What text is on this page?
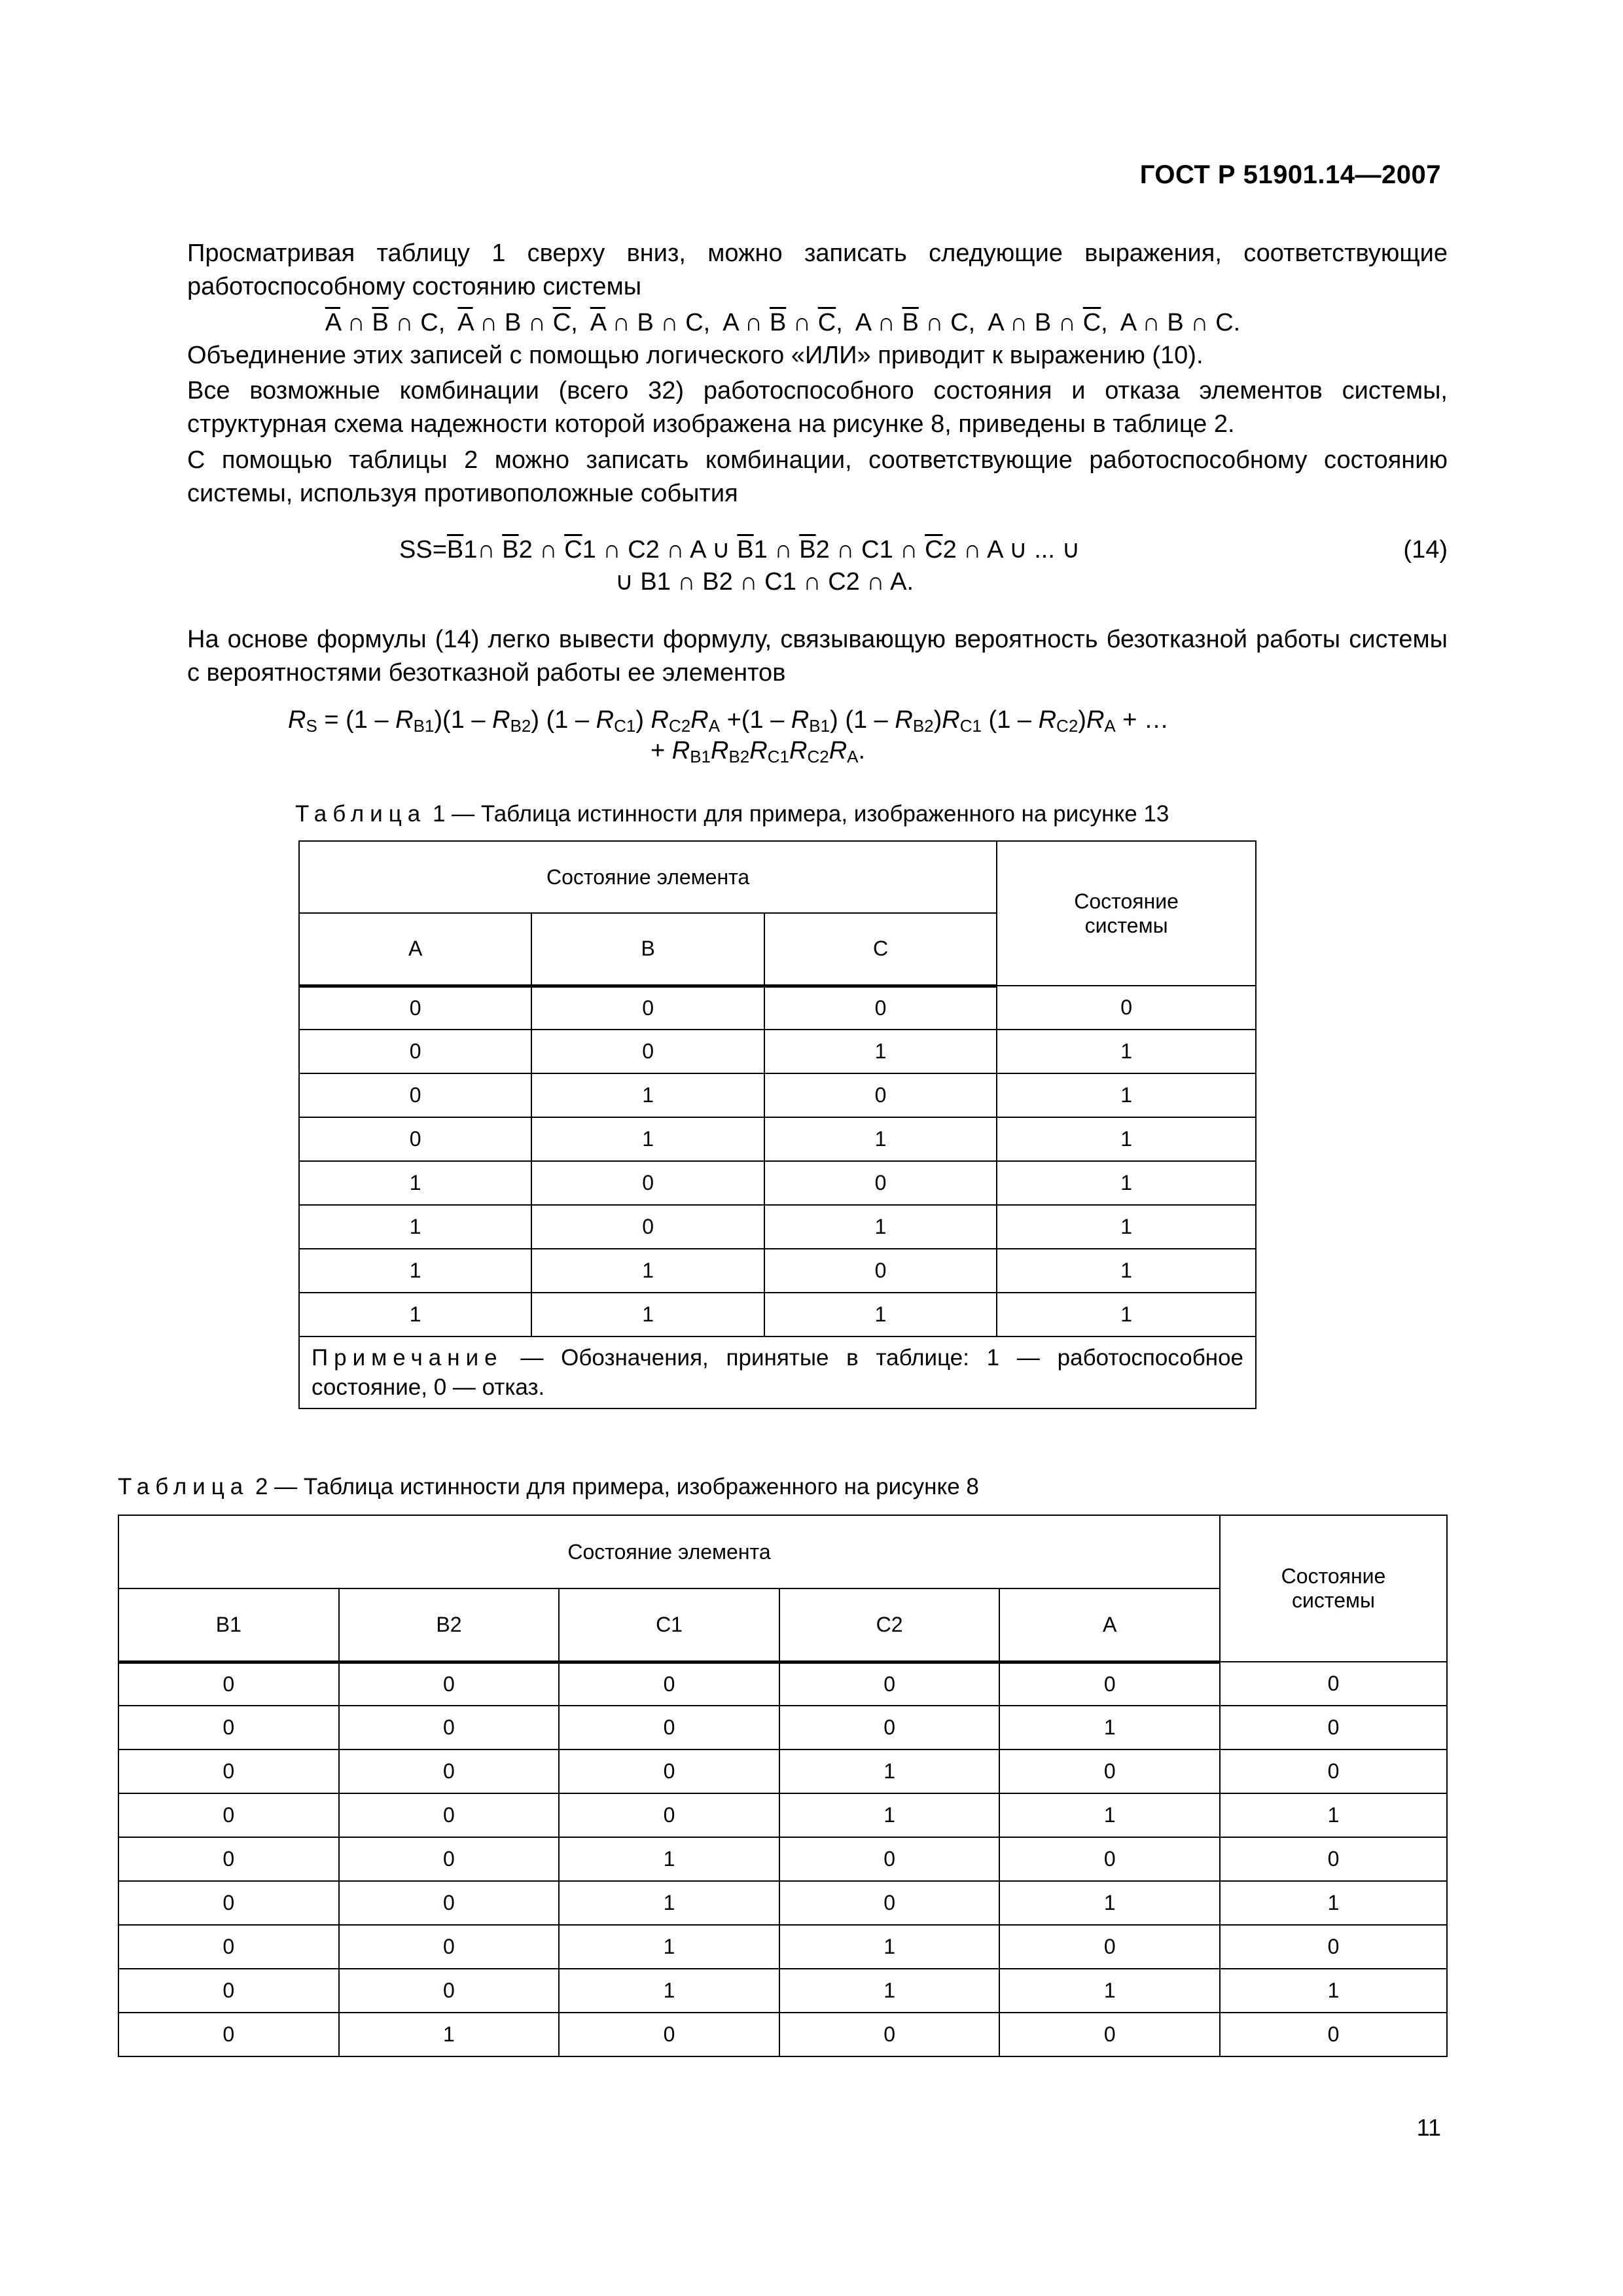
ГОСТ Р 51901.14—2007
Просматривая таблицу 1 сверху вниз, можно записать следующие выражения, соответствующие работоспособному состоянию системы
$\overline{A}$ ∩ $\overline{B}$ ∩ C,  $\overline{A}$ ∩ B ∩ $\overline{C}$,  $\overline{A}$ ∩ B ∩ C,  A ∩ $\overline{B}$ ∩ $\overline{C}$,  A ∩ $\overline{B}$ ∩ C,  A ∩ B ∩ $\overline{C}$,  A ∩ B ∩ C.
Объединение этих записей с помощью логического «ИЛИ» приводит к выражению (10).
Все возможные комбинации (всего 32) работоспособного состояния и отказа элементов системы, структурная схема надежности которой изображена на рисунке 8, приведены в таблице 2.
С помощью таблицы 2 можно записать комбинации, соответствующие работоспособному состоянию системы, используя противоположные события
$SS=\overline{B}1\cap$ $\overline{B}2$ ∩ $\overline{C}1$ ∩ C2 ∩ A ∪ $\overline{B}1$ ∩ $\overline{B}2$ ∩ C1 ∩ $\overline{C}2$ ∩ A ∪ ... ∪
∪ B1 ∩ B2 ∩ C1 ∩ C2 ∩ A.
(14)
На основе формулы (14) легко вывести формулу, связывающую вероятность безотказной работы системы с вероятностями безотказной работы ее элементов
$R_S = (1 - R_{B1})(1 - R_{B2})$ $(1 - R_{C1})$ $R_{C2}R_A +(1 - R_{B1})$ $(1 - R_{B2})R_{C1}$ $(1 - R_{C2})R_A$ + …
+ $R_{B1}R_{B2}R_{C1}R_{C2}R_A$.
Таблица 1 — Таблица истинности для примера, изображенного на рисунке 13
Состояние элемента			Состояние системы
A	B	C	
0	0	0	0
0	0	1	1
0	1	0	1
0	1	1	1
1	0	0	1
1	0	1	1
1	1	0	1
1	1	1	1
Примечание — Обозначения, принятые в таблице: 1 — работоспособное состояние, 0 — отказ.			
Таблица 2 — Таблица истинности для примера, изображенного на рисунке 8
Состояние элемента					Состояние системы
B1	B2	C1	C2	A	
0	0	0	0	0	0
0	0	0	0	1	0
0	0	0	1	0	0
0	0	0	1	1	1
0	0	1	0	0	0
0	0	1	0	1	1
0	0	1	1	0	0
0	0	1	1	1	1
0	1	0	0	0	0
11
